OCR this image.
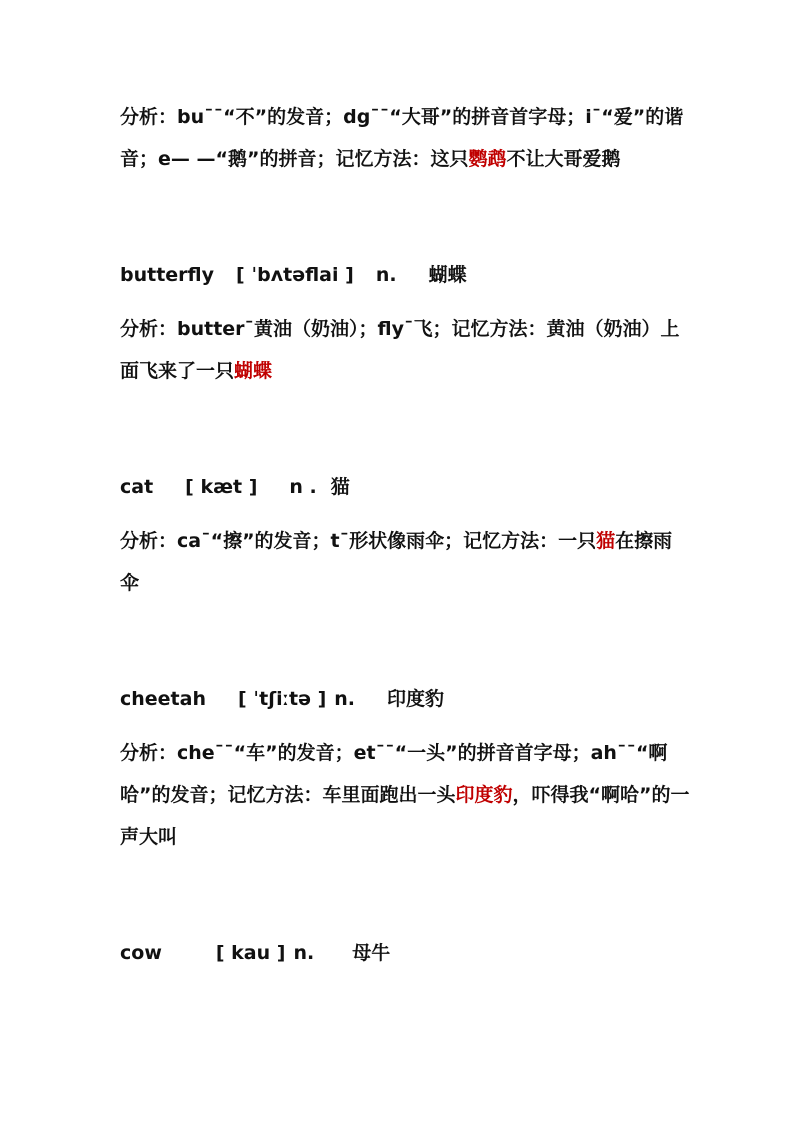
分析：bu¯¯“不”的发音；dg¯¯“大哥”的拼音首字母；i¯“爱”的谐音；e— —“鹅”的拼音；记忆方法：这只鹦鹉不让大哥爱鹅

butterfly [ ˈbʌtəflai ] n. 蝴蝶

分析：butter¯黄油（奶油）；fly¯飞；记忆方法：黄油（奶油）上面飞来了一只蝴蝶

cat [ kæt ] n . 猫

分析：ca¯“擦”的发音；t¯形状像雨伞；记忆方法：一只猫在擦雨伞

cheetah [ ˈtʃiːtə ] n. 印度豹

分析：che¯¯“车”的发音；et¯¯“一头”的拼音首字母；ah¯¯“啊哈”的发音；记忆方法：车里面跑出一头印度豹，吓得我“啊哈”的一声大叫

cow	[ kau ] n. 母牛
